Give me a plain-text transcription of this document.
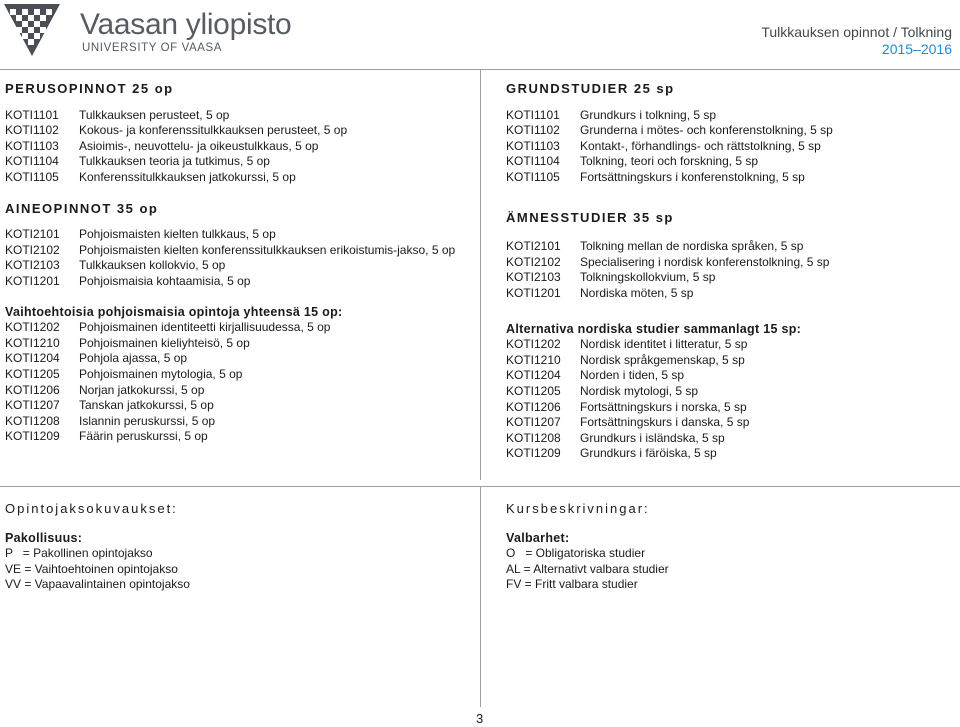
Vaasan yliopisto
UNIVERSITY OF VAASA
Tulkkauksen opinnot / Tolkning
2015–2016
PERUSOPINNOT 25 op
KOTI1101	Tulkkauksen perusteet, 5 op
KOTI1102	Kokous- ja konferenssitulkkauksen perusteet, 5 op
KOTI1103	Asioimis-, neuvottelu- ja oikeustulkkaus, 5 op
KOTI1104	Tulkkauksen teoria ja tutkimus, 5 op
KOTI1105	Konferenssitulkkauksen jatkokurssi, 5 op
AINEOPINNOT 35 op
KOTI2101	Pohjoismaisten kielten tulkkaus, 5 op
KOTI2102	Pohjoismaisten kielten konferenssitulkkauksen erikoistumis-jakso, 5 op
KOTI2103	Tulkkauksen kollokvio, 5 op
KOTI1201	Pohjoismaisia kohtaamisia, 5 op
Vaihtoehtoisia pohjoismaisia opintoja yhteensä 15 op:
KOTI1202	Pohjoismainen identiteetti kirjallisuudessa, 5 op
KOTI1210	Pohjoismainen kieliyhteisö, 5 op
KOTI1204	Pohjola ajassa, 5 op
KOTI1205	Pohjoismainen mytologia, 5 op
KOTI1206	Norjan jatkokurssi, 5 op
KOTI1207	Tanskan jatkokurssi, 5 op
KOTI1208	Islannin peruskurssi, 5 op
KOTI1209	Fäärin peruskurssi, 5 op
GRUNDSTUDIER 25 sp
KOTI1101	Grundkurs i tolkning, 5 sp
KOTI1102	Grunderna i mötes- och konferenstolkning, 5 sp
KOTI1103	Kontakt-, förhandlings- och rättstolkning, 5 sp
KOTI1104	Tolkning, teori och forskning, 5 sp
KOTI1105	Fortsättningskurs i konferenstolkning, 5 sp
ÄMNESSTUDIER 35 sp
KOTI2101	Tolkning mellan de nordiska språken, 5 sp
KOTI2102	Specialisering i nordisk konferenstolkning, 5 sp
KOTI2103	Tolkningskollokvium, 5 sp
KOTI1201	Nordiska möten, 5 sp
Alternativa nordiska studier sammanlagt 15 sp:
KOTI1202	Nordisk identitet i litteratur, 5 sp
KOTI1210	Nordisk språkgemenskap, 5 sp
KOTI1204	Norden i tiden, 5 sp
KOTI1205	Nordisk mytologi, 5 sp
KOTI1206	Fortsättningskurs i norska, 5 sp
KOTI1207	Fortsättningskurs i danska, 5 sp
KOTI1208	Grundkurs i isländska, 5 sp
KOTI1209	Grundkurs i färöiska, 5 sp
Opintojaksokuvaukset:
Pakollisuus:
P   = Pakollinen opintojakso
VE = Vaihtoehtoinen opintojakso
VV = Vapaavalintainen opintojakso
Kursbeskrivningar:
Valbarhet:
O   = Obligatoriska studier
AL = Alternativt valbara studier
FV = Fritt valbara studier
3
